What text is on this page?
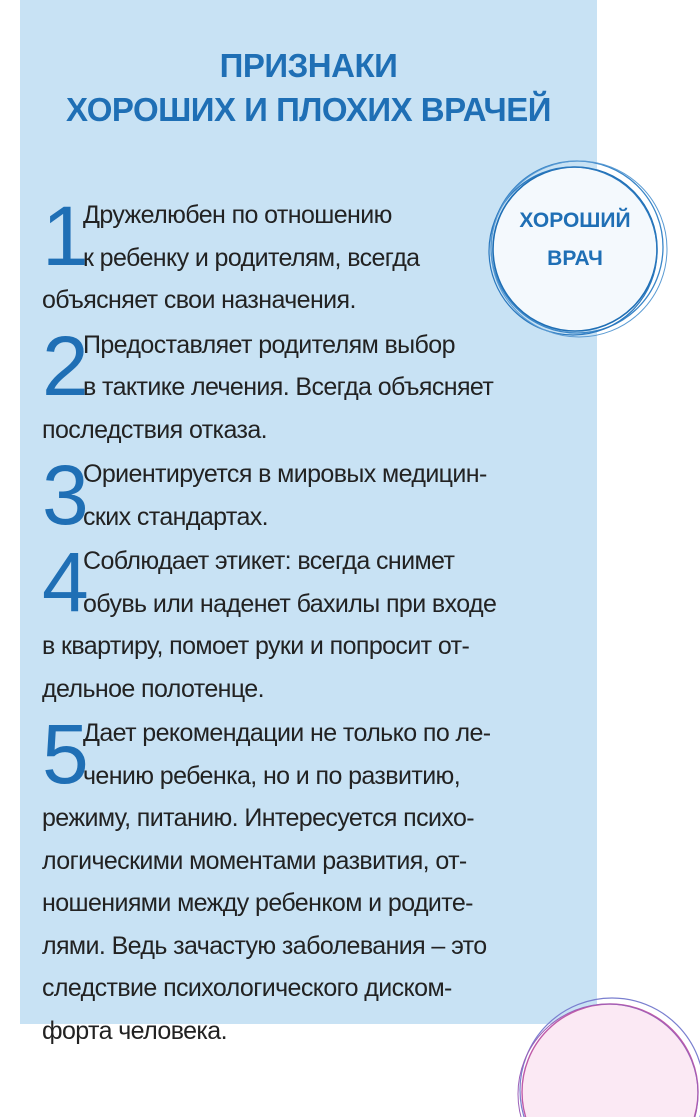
ПРИЗНАКИ
ХОРОШИХ И ПЛОХИХ ВРАЧЕЙ
ХОРОШИЙ
ВРАЧ
1
Дружелюбен по отношению
к ребенку и родителям, всегда
объясняет свои назначения.
2
Предоставляет родителям выбор
в тактике лечения. Всегда объясняет
последствия отказа.
3
Ориентируется в мировых медицин-
ских стандартах.
4
Соблюдает этикет: всегда снимет
обувь или наденет бахилы при входе
в квартиру, помоет руки и попросит от-
дельное полотенце.
5
Дает рекомендации не только по ле-
чению ребенка, но и по развитию,
режиму, питанию. Интересуется психо-
логическими моментами развития, от-
ношениями между ребенком и родите-
лями. Ведь зачастую заболевания – это
следствие психологического диском-
форта человека.
